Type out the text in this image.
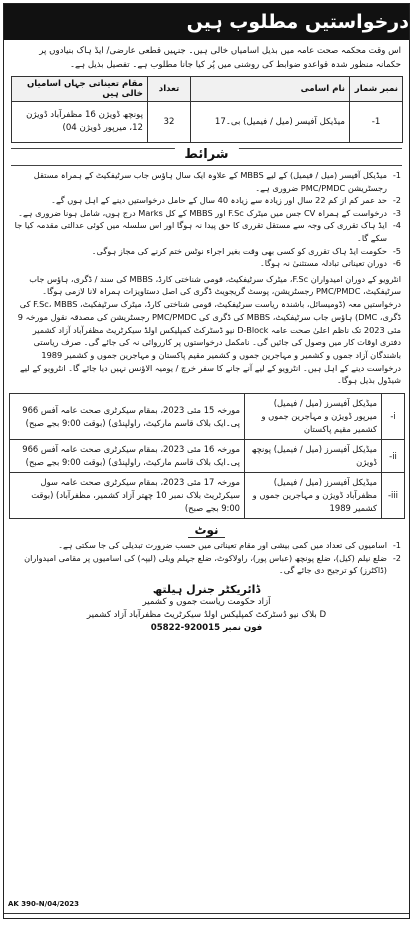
درخواستیں مطلوب ہیں
اس وقت محکمہ صحت عامہ میں بذیل اسامیاں خالی ہیں۔ جنہیں قطعی عارضی/ ایڈ ہاک بنیادوں پر حکمانہ منظور شدہ قواعدو ضوابط کی روشنی میں پُر کیا جانا مطلوب ہے۔ تفصیل بذیل ہے۔
نمبر شمار	نام اسامی	تعداد	مقام تعیناتی جہاں اسامیاں خالی ہیں
1-	میڈیکل آفیسر (میل / فیمیل) بی۔17	32	پونچھ ڈویژن 16 مظفرآباد ڈویژن 12، میرپور ڈویژن 04)
شرائط
1-
میڈیکل آفیسر (میل / فیمیل) کے لیے MBBS کے علاوہ ایک سال ہاؤس جاب سرٹیفکیٹ کے ہمراہ مستقل رجسٹریشن PMC/PMDC ضروری ہے۔
2-
حد عمر کم از کم 22 سال اور زیادہ سے زیادہ 40 سال کے حامل درخواستیں دینے کے اہل ہوں گے۔
3-
درخواست کے ہمراہ CV جس میں میٹرک F.Sc اور MBBS کے کل Marks درج ہوں، شامل ہونا ضروری ہے۔
4-
ایڈ ہاک تقرری کی وجہ سے مستقل تقرری کا حق پیدا نہ ہوگا اور اس سلسلہ میں کوئی عدالتی مقدمہ کیا جا سکے گا۔
5-
حکومت ایڈ ہاک تقرری کو کسی بھی وقت بغیر اجراء نوٹس ختم کرنے کی مجاز ہوگی۔
6-
دوران تعیناتی تبادلہ مستثنیٰ نہ ہوگا۔
انٹرویو کے دوران امیدواران F.Sc، میٹرک سرٹیفکیٹ، قومی شناختی کارڈ، MBBS کی سند / ڈگری، ہاؤس جاب سرٹیفکیٹ، PMC/PMDC رجسٹریشن، پوسٹ گریجویٹ ڈگری کی اصل دستاویزات ہمراہ لانا لازمی ہوگا۔ درخواستیں معہ (ڈومیسائل، باشندہ ریاست سرٹیفکیٹ، قومی شناختی کارڈ، میٹرک سرٹیفکیٹ، F.Sc، MBBS کی ڈگری، DMC) ہاؤس جاب سرٹیفکیٹ، MBBS کی ڈگری کی PMC/PMDC رجسٹریشن کی مصدقہ نقول مورخہ 9 مئی 2023 تک ناظم اعلیٰ صحت عامہ D-Block نیو ڈسٹرکٹ کمپلیکس اولڈ سیکرٹریٹ مظفرآباد آزاد کشمیر دفتری اوقات کار میں وصول کی جائیں گی۔ نامکمل درخواستوں پر کارروائی نہ کی جائے گی۔ صرف ریاستی باشندگان آزاد جموں و کشمیر و مہاجرین جموں و کشمیر مقیم پاکستان و مہاجرین جموں و کشمیر 1989 درخواست دینے کے اہل ہیں۔ انٹرویو کے لیے آنے جانے کا سفر خرچ / یومیہ الاؤنس نہیں دیا جائے گا۔ انٹرویو کے لیے شیڈول بذیل ہوگا۔
i-	میڈیکل آفیسرز (میل / فیمیل) میرپور ڈویژن و مہاجرین جموں و کشمیر مقیم پاکستان	مورخہ 15 مئی 2023، بمقام سیکرٹری صحت عامہ آفس 966 پی۔ایک بلاک قاسم مارکیٹ، راولپنڈی) (بوقت 9:00 بجے صبح)
ii-	میڈیکل آفیسرز (میل / فیمیل) پونچھ ڈویژن	مورخہ 16 مئی 2023، بمقام سیکرٹری صحت عامہ آفس 966 پی۔ایک بلاک قاسم مارکیٹ، راولپنڈی) (بوقت 9:00 بجے صبح)
iii-	میڈیکل آفیسرز (میل / فیمیل) مظفرآباد ڈویژن و مہاجرین جموں و کشمیر 1989	مورخہ 17 مئی 2023، بمقام سیکرٹری صحت عامہ سول سیکرٹریٹ بلاک نمبر 10 چھتر آزاد کشمیر، مظفرآباد) (بوقت 9:00 بجے صبح)
نوٹ
1-
اسامیوں کی تعداد میں کمی بیشی اور مقام تعیناتی میں حسب ضرورت تبدیلی کی جا سکتی ہے۔
2-
ضلع نیلم (کیل)، ضلع پونچھ (عباس پور)، راولاکوٹ، ضلع جہلم ویلی (لیپہ) کی اسامیوں پر مقامی امیدواران (ڈاکٹرز) کو ترجیح دی جائے گی۔
ڈائریکٹر جنرل ہیلتھ
آزاد حکومت ریاست جموں و کشمیر
D بلاک نیو ڈسٹرکٹ کمپلیکس اولڈ سیکرٹریٹ مظفرآباد آزاد کشمیر
فون نمبر 920015-05822
AK 390-N/04/2023
